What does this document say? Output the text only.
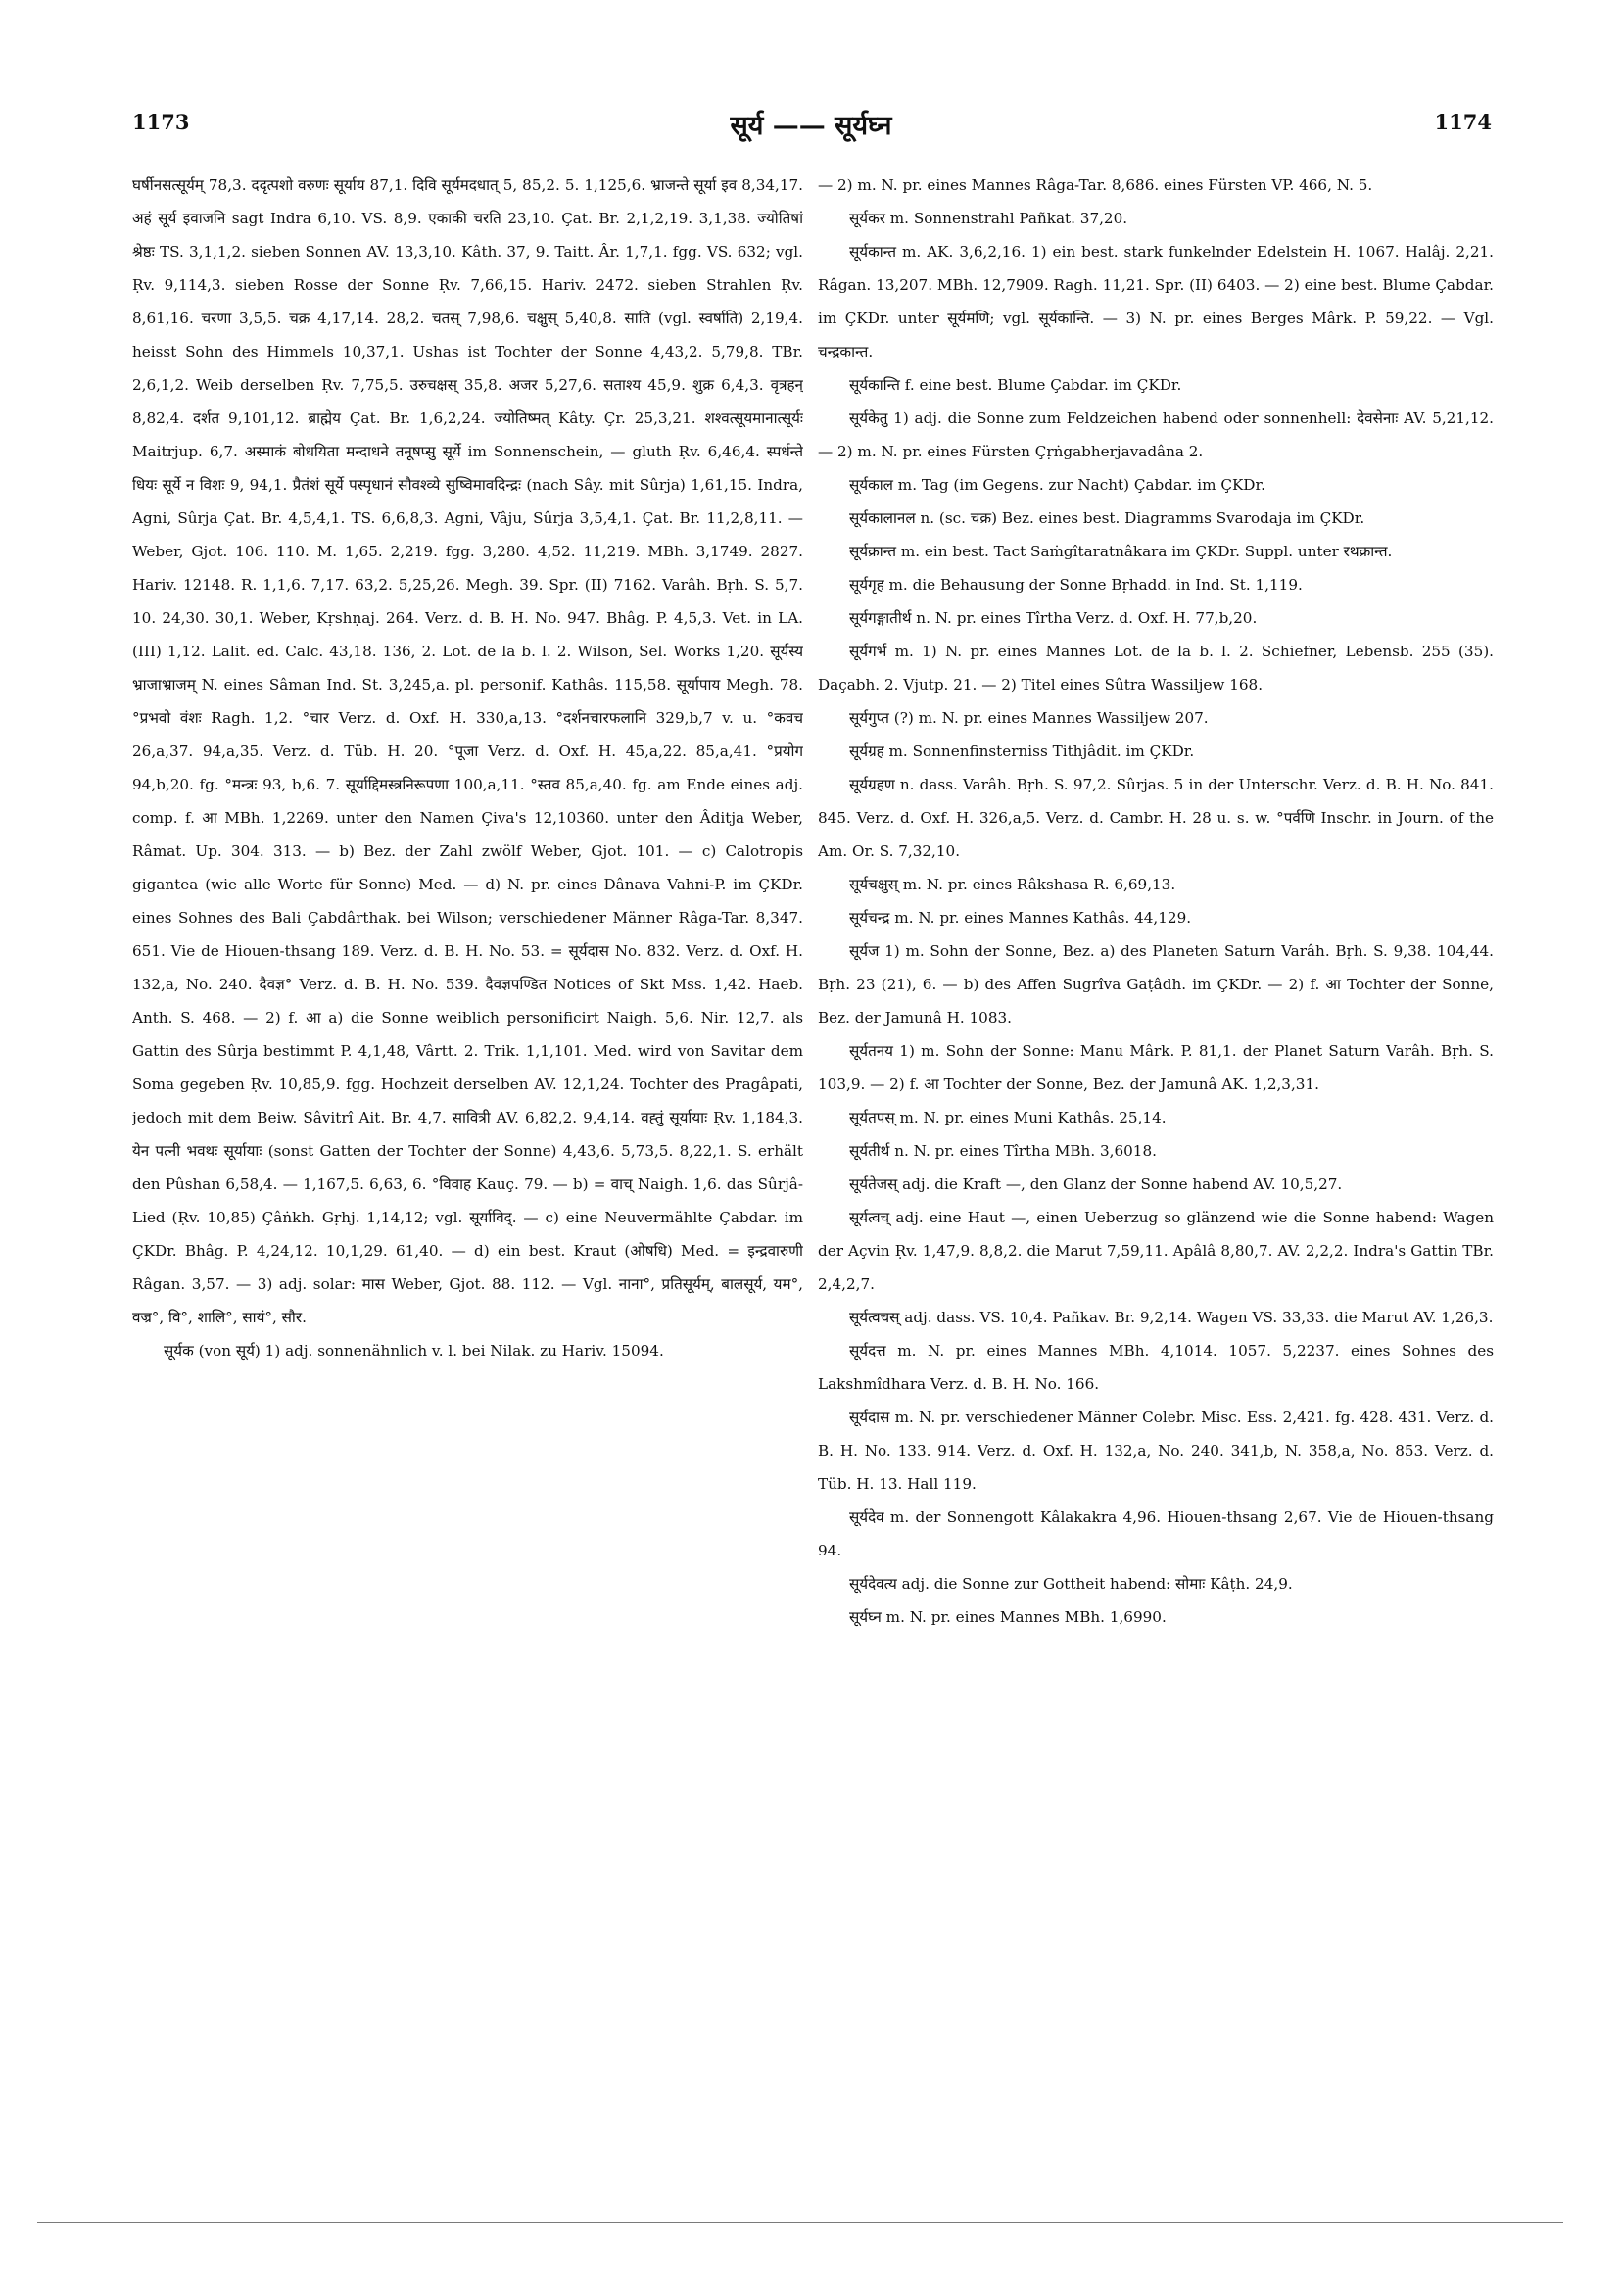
1173	सूर्य —— सूर्यघ्न	1174

घर्षीनसत्सूर्यम् 78,3. ददृत्पशो वरुणः सूर्याय 87,1. दिवि सूर्यमदधात् 5, 85,2. 5. 1,125,6. भ्राजन्ते सूर्या इव 8,34,17. अहं सूर्य इवाजनि sagt Indra 6,10. VS. 8,9. एकाकी चरति 23,10. Çat. Br. 2,1,2,19. 3,1,38. ज्योतिषां श्रेष्ठः TS. 3,1,1,2. sieben Sonnen AV. 13,3,10. Kâth. 37, 9. Taitt. Âr. 1,7,1. fgg. VS. 632; vgl. Ṛv. 9,114,3. sieben Rosse der Sonne Ṛv. 7,66,15. Hariv. 2472. sieben Strahlen Ṛv. 8,61,16. चरणा 3,5,5. चक्र 4,17,14. 28,2. चतस् 7,98,6. चक्षुस् 5,40,8. साति (vgl. स्वर्षाति) 2,19,4. heisst Sohn des Himmels 10,37,1. Ushas ist Tochter der Sonne 4,43,2. 5,79,8. TBr. 2,6,1,2. Weib derselben Ṛv. 7,75,5. उरुचक्षस् 35,8. अजर 5,27,6. सताश्य 45,9. शुक्र 6,4,3. वृत्रहन् 8,82,4. दर्शत 9,101,12. ब्राह्मेय Çat. Br. 1,6,2,24. ज्योतिष्मत् Kâty. Çr. 25,3,21. शश्वत्सूयमानात्सूर्यः Maitrjup. 6,7. अस्माकं बोधयिता मन्दाधने तनूषप्सु सूर्ये im Sonnenschein, — gluth Ṛv. 6,46,4. स्पर्धन्ते धियः सूर्ये न विशः 9, 94,1. प्रैतंशं सूर्ये पस्पृधानं सौवश्व्ये सुष्विमावदिन्द्रः (nach Sây. mit Sûrja) 1,61,15. Indra, Agni, Sûrja Çat. Br. 4,5,4,1. TS. 6,6,8,3. Agni, Vâju, Sûrja 3,5,4,1. Çat. Br. 11,2,8,11. — Weber, Gjot. 106. 110. M. 1,65. 2,219. fgg. 3,280. 4,52. 11,219. MBh. 3,1749. 2827. Hariv. 12148. R. 1,1,6. 7,17. 63,2. 5,25,26. Megh. 39. Spr. (II) 7162. Varâh. Bṛh. S. 5,7. 10. 24,30. 30,1. Weber, Kṛshṇaj. 264. Verz. d. B. H. No. 947. Bhâg. P. 4,5,3. Vet. in LA. (III) 1,12. Lalit. ed. Calc. 43,18. 136, 2. Lot. de la b. l. 2. Wilson, Sel. Works 1,20. सूर्यस्य भ्राजाभ्राजम् N. eines Sâman Ind. St. 3,245,a. pl. personif. Kathâs. 115,58. सूर्यापाय Megh. 78. °प्रभवो वंशः Ragh. 1,2. °चार Verz. d. Oxf. H. 330,a,13. °दर्शनचारफलानि 329,b,7 v. u. °कवच 26,a,37. 94,a,35. Verz. d. Tüb. H. 20. °पूजा Verz. d. Oxf. H. 45,a,22. 85,a,41. °प्रयोग 94,b,20. fg. °मन्त्रः 93, b,6. 7. सूर्याद्दिमस्त्रनिरूपणा 100,a,11. °स्तव 85,a,40. fg. am Ende eines adj. comp. f. आ MBh. 1,2269. unter den Namen Çiva's 12,10360. unter den Âditja Weber, Râmat. Up. 304. 313. — b) Bez. der Zahl zwölf Weber, Gjot. 101. — c) Calotropis gigantea (wie alle Worte für Sonne) Med. — d) N. pr. eines Dânava Vahni-P. im ÇKDr. eines Sohnes des Bali Çabdârthak. bei Wilson; verschiedener Männer Râga-Tar. 8,347. 651. Vie de Hiouen-thsang 189. Verz. d. B. H. No. 53. = सूर्यदास No. 832. Verz. d. Oxf. H. 132,a, No. 240. दैवज्ञ° Verz. d. B. H. No. 539. दैवज्ञपण्डित Notices of Skt Mss. 1,42. Haeb. Anth. S. 468. — 2) f. आ a) die Sonne weiblich personificirt Naigh. 5,6. Nir. 12,7. als Gattin des Sûrja bestimmt P. 4,1,48, Vârtt. 2. Trik. 1,1,101. Med. wird von Savitar dem Soma gegeben Ṛv. 10,85,9. fgg. Hochzeit derselben AV. 12,1,24. Tochter des Pragâpati, jedoch mit dem Beiw. Sâvitrî Ait. Br. 4,7. सावित्री AV. 6,82,2. 9,4,14. वह्तुं सूर्यायाः Ṛv. 1,184,3. येन पत्नी भवथः सूर्यायाः (sonst Gatten der Tochter der Sonne) 4,43,6. 5,73,5. 8,22,1. S. erhält den Pûshan 6,58,4. — 1,167,5. 6,63, 6. °विवाह Kauç. 79. — b) = वाच् Naigh. 1,6. das Sûrjâ-Lied (Ṛv. 10,85) Çâṅkh. Gṛhj. 1,14,12; vgl. सूर्याविद्. — c) eine Neuvermählte Çabdar. im ÇKDr. Bhâg. P. 4,24,12. 10,1,29. 61,40. — d) ein best. Kraut (ओषधि) Med. = इन्द्रवारुणी Râgan. 3,57. — 3) adj. solar: मास Weber, Gjot. 88. 112. — Vgl. नाना°, प्रतिसूर्यम्, बालसूर्य, यम°, वज्र°, वि°, शालि°, सायं°, सौर.

सूर्यक (von सूर्य) 1) adj. sonnenähnlich v. l. bei Nilak. zu Hariv. 15094.

— 2) m. N. pr. eines Mannes Râga-Tar. 8,686. eines Fürsten VP. 466, N. 5.

सूर्यकर m. Sonnenstrahl Pañkat. 37,20.

सूर्यकान्त m. AK. 3,6,2,16. 1) ein best. stark funkelnder Edelstein H. 1067. Halâj. 2,21. Râgan. 13,207. MBh. 12,7909. Ragh. 11,21. Spr. (II) 6403. — 2) eine best. Blume Çabdar. im ÇKDr. unter सूर्यमणि; vgl. सूर्यकान्ति. — 3) N. pr. eines Berges Mârk. P. 59,22. — Vgl. चन्द्रकान्त.

सूर्यकान्ति f. eine best. Blume Çabdar. im ÇKDr.

सूर्यकेतु 1) adj. die Sonne zum Feldzeichen habend oder sonnenhell: देवसेनाः AV. 5,21,12. — 2) m. N. pr. eines Fürsten Çṛṅgabherjavadâna 2.

सूर्यकाल m. Tag (im Gegens. zur Nacht) Çabdar. im ÇKDr.

सूर्यकालानल n. (sc. चक्र) Bez. eines best. Diagramms Svarodaja im ÇKDr.

सूर्यक्रान्त m. ein best. Tact Saṁgîtaratnâkara im ÇKDr. Suppl. unter रथक्रान्त.

सूर्यगृह m. die Behausung der Sonne Bṛhadd. in Ind. St. 1,119.

सूर्यगङ्गातीर्थ n. N. pr. eines Tîrtha Verz. d. Oxf. H. 77,b,20.

सूर्यगर्भ m. 1) N. pr. eines Mannes Lot. de la b. l. 2. Schiefner, Lebensb. 255 (35). Daçabh. 2. Vjutp. 21. — 2) Titel eines Sûtra Wassiljew 168.

सूर्यगुप्त (?) m. N. pr. eines Mannes Wassiljew 207.

सूर्यग्रह m. Sonnenfinsterniss Tithjâdit. im ÇKDr.

सूर्यग्रहण n. dass. Varâh. Bṛh. S. 97,2. Sûrjas. 5 in der Unterschr. Verz. d. B. H. No. 841. 845. Verz. d. Oxf. H. 326,a,5. Verz. d. Cambr. H. 28 u. s. w. °पर्वणि Inschr. in Journ. of the Am. Or. S. 7,32,10.

सूर्यचक्षुस् m. N. pr. eines Râkshasa R. 6,69,13.

सूर्यचन्द्र m. N. pr. eines Mannes Kathâs. 44,129.

सूर्यज 1) m. Sohn der Sonne, Bez. a) des Planeten Saturn Varâh. Bṛh. S. 9,38. 104,44. Bṛh. 23 (21), 6. — b) des Affen Sugrîva Gaṭâdh. im ÇKDr. — 2) f. आ Tochter der Sonne, Bez. der Jamunâ H. 1083.

सूर्यतनय 1) m. Sohn der Sonne: Manu Mârk. P. 81,1. der Planet Saturn Varâh. Bṛh. S. 103,9. — 2) f. आ Tochter der Sonne, Bez. der Jamunâ AK. 1,2,3,31.

सूर्यतपस् m. N. pr. eines Muni Kathâs. 25,14.

सूर्यतीर्थ n. N. pr. eines Tîrtha MBh. 3,6018.

सूर्यतेजस् adj. die Kraft —, den Glanz der Sonne habend AV. 10,5,27.

सूर्यत्वच् adj. eine Haut —, einen Ueberzug so glänzend wie die Sonne habend: Wagen der Açvin Ṛv. 1,47,9. 8,8,2. die Marut 7,59,11. Apâlâ 8,80,7. AV. 2,2,2. Indra's Gattin TBr. 2,4,2,7.

सूर्यत्वचस् adj. dass. VS. 10,4. Pañkav. Br. 9,2,14. Wagen VS. 33,33. die Marut AV. 1,26,3.

सूर्यदत्त m. N. pr. eines Mannes MBh. 4,1014. 1057. 5,2237. eines Sohnes des Lakshmîdhara Verz. d. B. H. No. 166.

सूर्यदास m. N. pr. verschiedener Männer Colebr. Misc. Ess. 2,421. fg. 428. 431. Verz. d. B. H. No. 133. 914. Verz. d. Oxf. H. 132,a, No. 240. 341,b, N. 358,a, No. 853. Verz. d. Tüb. H. 13. Hall 119.

सूर्यदेव m. der Sonnengott Kâlakakra 4,96. Hiouen-thsang 2,67. Vie de Hiouen-thsang 94.

सूर्यदेवत्य adj. die Sonne zur Gottheit habend: सोमाः Kâṭh. 24,9.

सूर्यघ्न m. N. pr. eines Mannes MBh. 1,6990.
